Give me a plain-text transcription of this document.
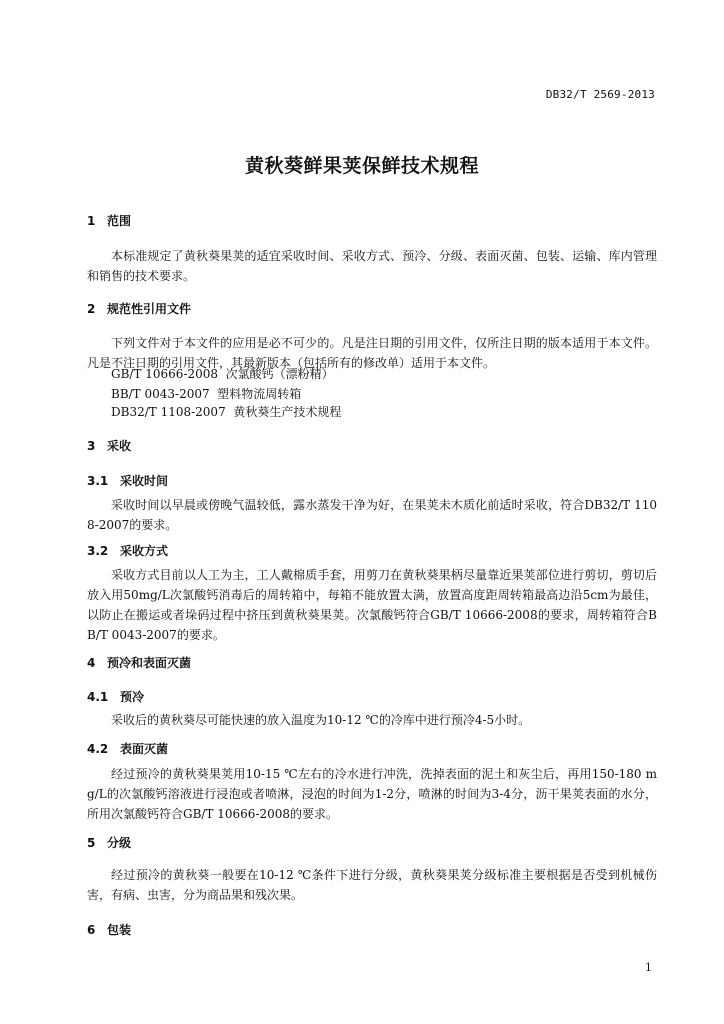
DB32/T 2569-2013
黄秋葵鲜果荚保鲜技术规程
1 范围

本标准规定了黄秋葵果荚的适宜采收时间、采收方式、预冷、分级、表面灭菌、包装、运输、库内管理和销售的技术要求。

2 规范性引用文件

下列文件对于本文件的应用是必不可少的。凡是注日期的引用文件，仅所注日期的版本适用于本文件。凡是不注日期的引用文件，其最新版本（包括所有的修改单）适用于本文件。

GB/T 10666-2008  次氯酸钙（漂粉精）

BB/T 0043-2007  塑料物流周转箱

DB32/T 1108-2007  黄秋葵生产技术规程

3 采收
3.1 采收时间

采收时间以早晨或傍晚气温较低，露水蒸发干净为好，在果荚未木质化前适时采收，符合DB32/T 1108-2007的要求。

3.2 采收方式

采收方式目前以人工为主，工人戴棉质手套，用剪刀在黄秋葵果柄尽量靠近果荚部位进行剪切，剪切后放入用50mg/L次氯酸钙消毒后的周转箱中，每箱不能放置太满，放置高度距周转箱最高边沿5cm为最佳，以防止在搬运或者垛码过程中挤压到黄秋葵果荚。次氯酸钙符合GB/T 10666-2008的要求，周转箱符合BB/T 0043-2007的要求。

4 预冷和表面灭菌
4.1 预冷

采收后的黄秋葵尽可能快速的放入温度为10-12 ℃的冷库中进行预冷4-5小时。

4.2 表面灭菌

经过预冷的黄秋葵果荚用10-15 ℃左右的冷水进行冲洗，洗掉表面的泥土和灰尘后，再用150-180 mg/L的次氯酸钙溶液进行浸泡或者喷淋，浸泡的时间为1-2分，喷淋的时间为3-4分，沥干果荚表面的水分，所用次氯酸钙符合GB/T 10666-2008的要求。

5 分级

经过预冷的黄秋葵一般要在10-12 ℃条件下进行分级，黄秋葵果荚分级标准主要根据是否受到机械伤害，有病、虫害，分为商品果和残次果。

6 包装
1
